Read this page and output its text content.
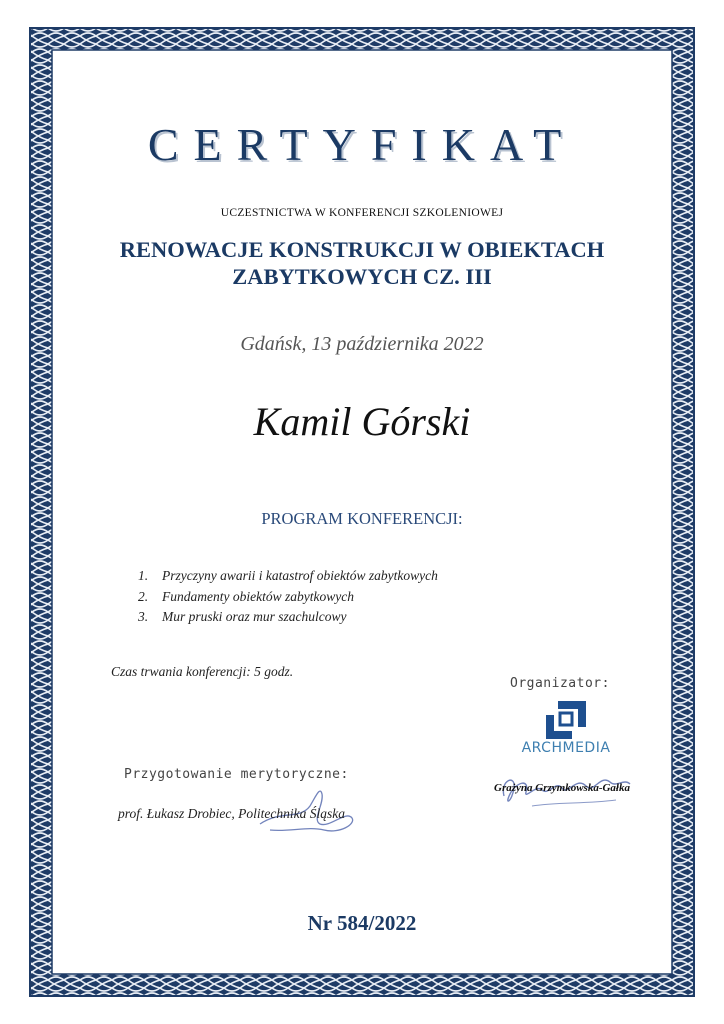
CERTYFIKAT
UCZESTNICTWA W KONFERENCJI SZKOLENIOWEJ
RENOWACJE KONSTRUKCJI W OBIEKTACH
ZABYTKOWYCH CZ. III
Gdańsk, 13 października 2022
Kamil Górski
PROGRAM KONFERENCJI:
1. Przyczyny awarii i katastrof obiektów zabytkowych
2. Fundamenty obiektów zabytkowych
3. Mur pruski oraz mur szachulcowy
Czas trwania konferencji: 5 godz.
Organizator:
ARCHMEDIA
Grażyna Grzymkowska-Gałka
Przygotowanie merytoryczne:
prof. Łukasz Drobiec, Politechnika Śląska
Nr 584/2022
